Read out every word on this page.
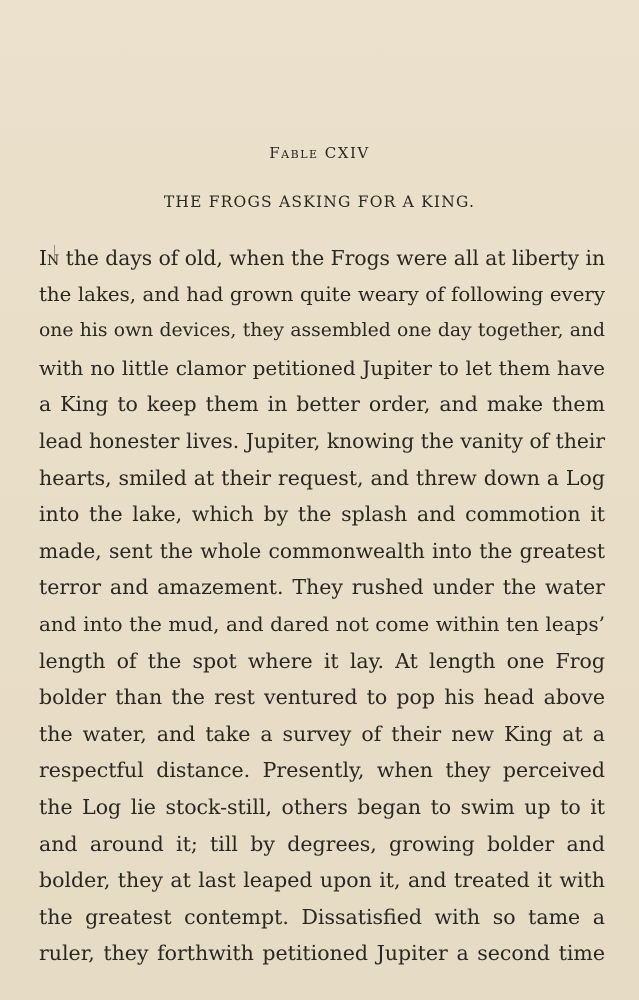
Fable CXIV
THE FROGS ASKING FOR A KING.
In the days of old, when the Frogs were all at liberty in
the lakes, and had grown quite weary of following every
one his own devices, they assembled one day together, and
with no little clamor petitioned Jupiter to let them have
a King to keep them in better order, and make them
lead honester lives. Jupiter, knowing the vanity of their
hearts, smiled at their request, and threw down a Log
into the lake, which by the splash and commotion it
made, sent the whole commonwealth into the greatest
terror and amazement. They rushed under the water
and into the mud, and dared not come within ten leaps’
length of the spot where it lay. At length one Frog
bolder than the rest ventured to pop his head above
the water, and take a survey of their new King at a
respectful distance. Presently, when they perceived
the Log lie stock-still, others began to swim up to it
and around it; till by degrees, growing bolder and
bolder, they at last leaped upon it, and treated it with
the greatest contempt. Dissatisfied with so tame a
ruler, they forthwith petitioned Jupiter a second time
